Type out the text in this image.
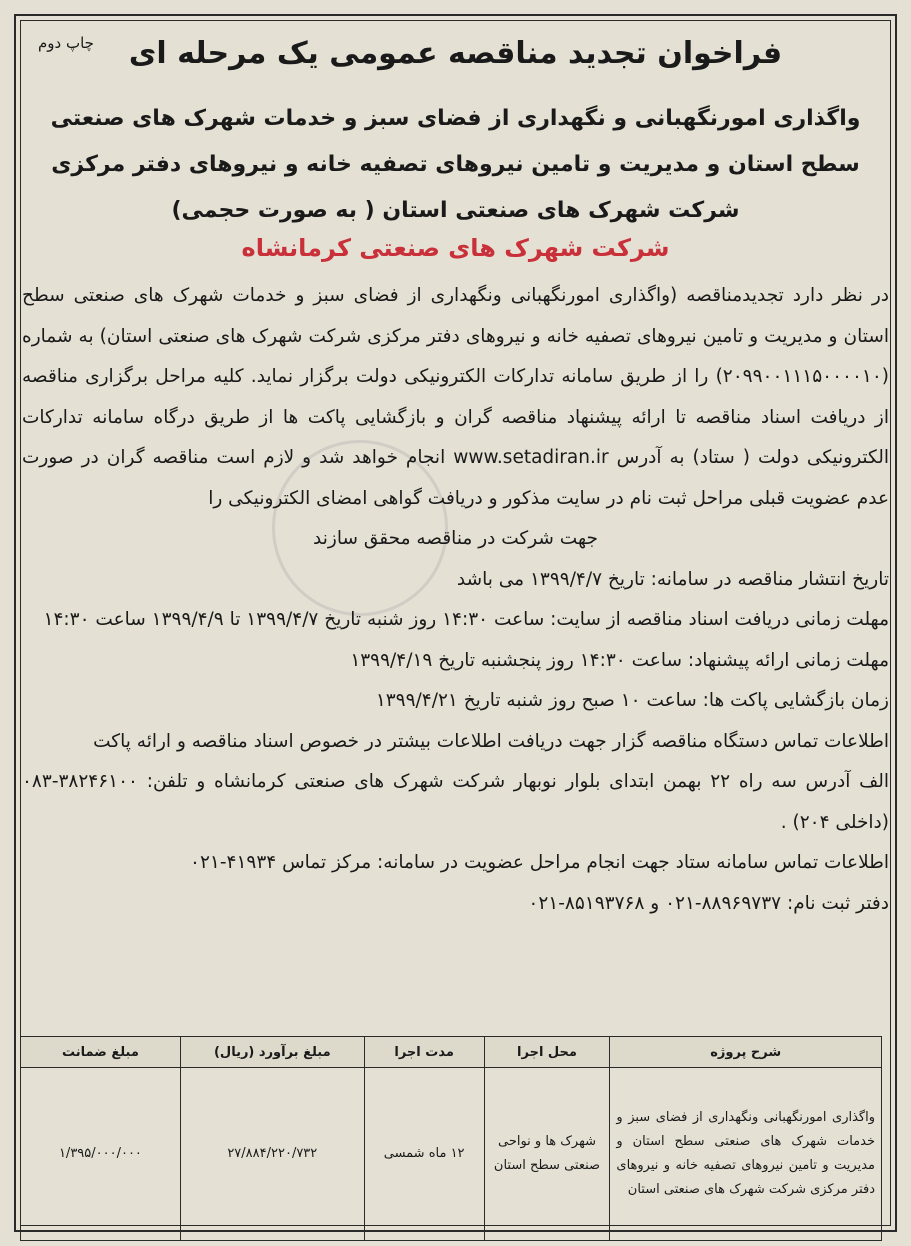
چاپ دوم	فراخوان تجدید مناقصه عمومی یک مرحله ای
واگذاری امورنگهبانی و نگهداری از فضای سبز و خدمات شهرک های صنعتی
سطح استان و مدیریت و تامین نیروهای تصفیه خانه و نیروهای دفتر مرکزی
شرکت شهرک های صنعتی استان ( به صورت حجمی)
شرکت شهرک های صنعتی کرمانشاه

در نظر دارد تجدیدمناقصه (واگذاری امورنگهبانی ونگهداری از فضای سبز و خدمات شهرک های صنعتی سطح استان و مدیریت و تامین نیروهای تصفیه خانه و نیروهای دفتر مرکزی شرکت شهرک های صنعتی استان) به شماره (۲۰۹۹۰۰۱۱۱۵۰۰۰۰۱۰) را از طریق سامانه تدارکات الکترونیکی دولت برگزار نماید. کلیه مراحل برگزاری مناقصه از دریافت اسناد مناقصه تا ارائه پیشنهاد مناقصه گران و بازگشایی پاکت ها از طریق درگاه سامانه تدارکات الکترونیکی دولت ( ستاد) به آدرس www.setadiran.ir انجام خواهد شد و لازم است مناقصه گران در صورت عدم عضویت قبلی مراحل ثبت نام در سایت مذکور و دریافت گواهی امضای الکترونیکی را

جهت شرکت در مناقصه محقق سازند

تاریخ انتشار مناقصه در سامانه: تاریخ ۱۳۹۹/۴/۷ می باشد

مهلت زمانی دریافت اسناد مناقصه از سایت: ساعت ۱۴:۳۰ روز شنبه تاریخ ۱۳۹۹/۴/۷ تا ۱۳۹۹/۴/۹ ساعت ۱۴:۳۰

مهلت زمانی ارائه پیشنهاد: ساعت ۱۴:۳۰ روز پنجشنبه تاریخ ۱۳۹۹/۴/۱۹

زمان بازگشایی پاکت ها: ساعت ۱۰ صبح روز شنبه تاریخ ۱۳۹۹/۴/۲۱

اطلاعات تماس دستگاه مناقصه گزار جهت دریافت اطلاعات بیشتر در خصوص اسناد مناقصه و ارائه پاکت

الف آدرس سه راه ۲۲ بهمن ابتدای بلوار نوبهار شرکت شهرک های صنعتی کرمانشاه و تلفن: ۳۸۲۴۶۱۰۰-۰۸۳ (داخلی ۲۰۴) .

اطلاعات تماس سامانه ستاد جهت انجام مراحل عضویت در سامانه: مرکز تماس ۴۱۹۳۴-۰۲۱

دفتر ثبت نام: ۸۸۹۶۹۷۳۷-۰۲۱ و ۸۵۱۹۳۷۶۸-۰۲۱

شرح پروژه	محل اجرا	مدت اجرا	مبلغ برآورد (ریال)	مبلغ ضمانت
واگذاری امورنگهبانی ونگهداری از فضای سبز و خدمات شهرک های صنعتی سطح استان و مدیریت و تامین نیروهای تصفیه خانه و نیروهای دفتر مرکزی شرکت شهرک های صنعتی استان	شهرک ها و نواحی صنعتی سطح استان	۱۲ ماه شمسی	۲۷/۸۸۴/۲۲۰/۷۳۲	۱/۳۹۵/۰۰۰/۰۰۰
